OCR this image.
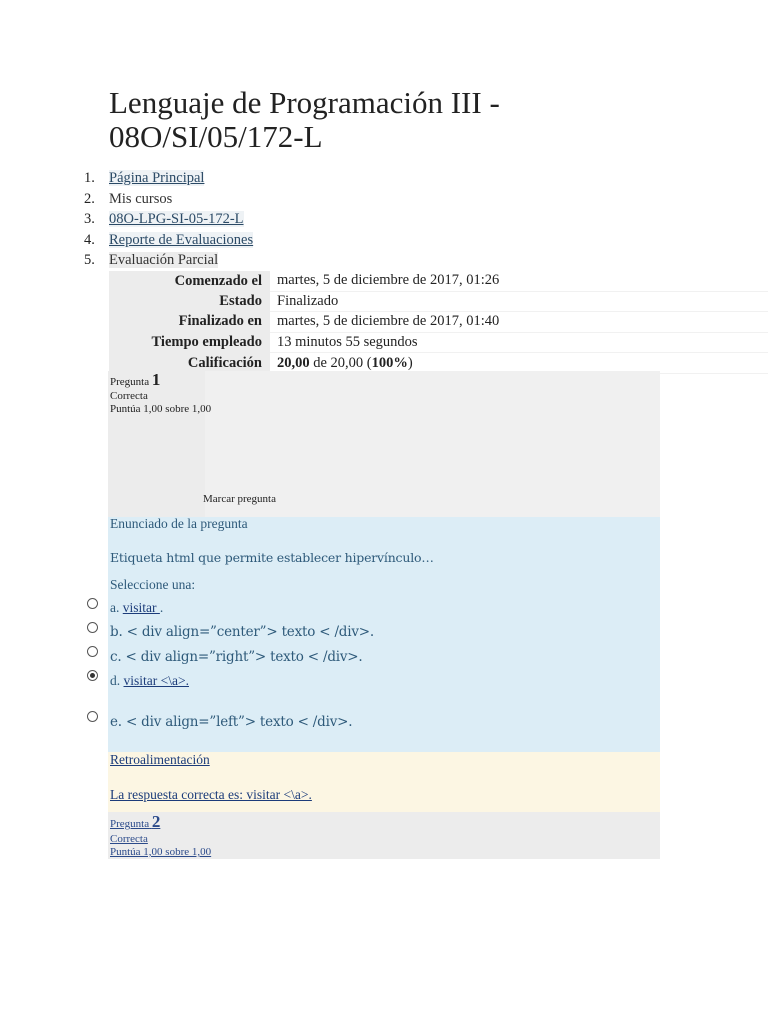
Lenguaje de Programación III - 08O/SI/05/172-L
1. Página Principal
2. Mis cursos
3. 08O-LPG-SI-05-172-L
4. Reporte de Evaluaciones
5. Evaluación Parcial
Comenzado el	martes, 5 de diciembre de 2017, 01:26
Estado	Finalizado
Finalizado en	martes, 5 de diciembre de 2017, 01:40
Tiempo empleado	13 minutos 55 segundos
Calificación	20,00 de 20,00 (100%)
Pregunta 1
Correcta
Puntúa 1,00 sobre 1,00
Marcar pregunta
Enunciado de la pregunta
Etiqueta html que permite establecer hipervínculo…
Seleccione una:
a. visitar .
b. < div align=”center”> texto < /div>.
c. < div align=”right”> texto < /div>.
d. visitar <\a>.
e. < div align=”left”> texto < /div>.
Retroalimentación
La respuesta correcta es: visitar <\a>.
Pregunta 2
Correcta
Puntúa 1,00 sobre 1,00
